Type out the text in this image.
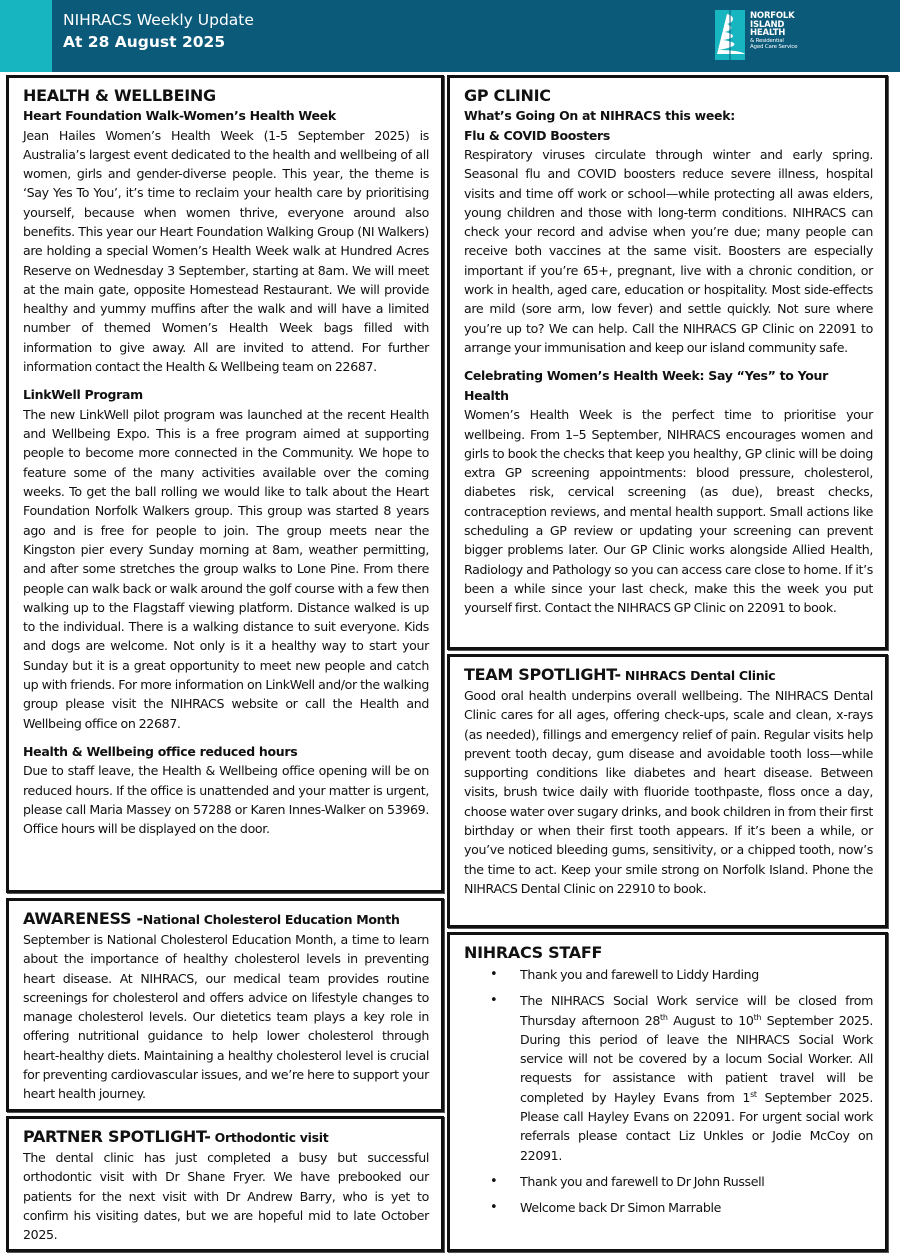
NIHRACS Weekly Update
At 28 August 2025
NORFOLK
ISLAND
HEALTH
& Residential
Aged Care Service
HEALTH & WELLBEING
Heart Foundation Walk-Women’s Health Week

Jean Hailes Women’s Health Week (1-5 September 2025) is Australia’s largest event dedicated to the health and wellbeing of all women, girls and gender-diverse people. This year, the theme is ‘Say Yes To You’, it’s time to reclaim your health care by prioritising yourself, because when women thrive, everyone around also benefits. This year our Heart Foundation Walking Group (NI Walkers) are holding a special Women’s Health Week walk at Hundred Acres Reserve on Wednesday 3 September, starting at 8am. We will meet at the main gate, opposite Homestead Restaurant. We will provide healthy and yummy muffins after the walk and will have a limited number of themed Women’s Health Week bags filled with information to give away. All are invited to attend. For further information contact the Health & Wellbeing team on 22687.

LinkWell Program

The new LinkWell pilot program was launched at the recent Health and Wellbeing Expo. This is a free program aimed at supporting people to become more connected in the Community. We hope to feature some of the many activities available over the coming weeks. To get the ball rolling we would like to talk about the Heart Foundation Norfolk Walkers group. This group was started 8 years ago and is free for people to join. The group meets near the Kingston pier every Sunday morning at 8am, weather permitting, and after some stretches the group walks to Lone Pine. From there people can walk back or walk around the golf course with a few then walking up to the Flagstaff viewing platform. Distance walked is up to the individual. There is a walking distance to suit everyone. Kids and dogs are welcome. Not only is it a healthy way to start your Sunday but it is a great opportunity to meet new people and catch up with friends. For more information on LinkWell and/or the walking group please visit the NIHRACS website or call the Health and Wellbeing office on 22687.

Health & Wellbeing office reduced hours

Due to staff leave, the Health & Wellbeing office opening will be on reduced hours. If the office is unattended and your matter is urgent, please call Maria Massey on 57288 or Karen Innes-Walker on 53969. Office hours will be displayed on the door.

AWARENESS -National Cholesterol Education Month

September is National Cholesterol Education Month, a time to learn about the importance of healthy cholesterol levels in preventing heart disease. At NIHRACS, our medical team provides routine screenings for cholesterol and offers advice on lifestyle changes to manage cholesterol levels. Our dietetics team plays a key role in offering nutritional guidance to help lower cholesterol through heart-healthy diets. Maintaining a healthy cholesterol level is crucial for preventing cardiovascular issues, and we’re here to support your heart health journey.

PARTNER SPOTLIGHT- Orthodontic visit

The dental clinic has just completed a busy but successful orthodontic visit with Dr Shane Fryer. We have prebooked our patients for the next visit with Dr Andrew Barry, who is yet to confirm his visiting dates, but we are hopeful mid to late October 2025.

GP CLINIC
What’s Going On at NIHRACS this week:
Flu & COVID Boosters

Respiratory viruses circulate through winter and early spring. Seasonal flu and COVID boosters reduce severe illness, hospital visits and time off work or school—while protecting all awas elders, young children and those with long-term conditions. NIHRACS can check your record and advise when you’re due; many people can receive both vaccines at the same visit. Boosters are especially important if you’re 65+, pregnant, live with a chronic condition, or work in health, aged care, education or hospitality. Most side-effects are mild (sore arm, low fever) and settle quickly. Not sure where you’re up to? We can help. Call the NIHRACS GP Clinic on 22091 to arrange your immunisation and keep our island community safe.

Celebrating Women’s Health Week: Say “Yes” to Your Health

Women’s Health Week is the perfect time to prioritise your wellbeing. From 1–5 September, NIHRACS encourages women and girls to book the checks that keep you healthy, GP clinic will be doing extra GP screening appointments: blood pressure, cholesterol, diabetes risk, cervical screening (as due), breast checks, contraception reviews, and mental health support. Small actions like scheduling a GP review or updating your screening can prevent bigger problems later. Our GP Clinic works alongside Allied Health, Radiology and Pathology so you can access care close to home. If it’s been a while since your last check, make this the week you put yourself first. Contact the NIHRACS GP Clinic on 22091 to book.

TEAM SPOTLIGHT- NIHRACS Dental Clinic

Good oral health underpins overall wellbeing. The NIHRACS Dental Clinic cares for all ages, offering check-ups, scale and clean, x-rays (as needed), fillings and emergency relief of pain. Regular visits help prevent tooth decay, gum disease and avoidable tooth loss—while supporting conditions like diabetes and heart disease. Between visits, brush twice daily with fluoride toothpaste, floss once a day, choose water over sugary drinks, and book children in from their first birthday or when their first tooth appears. If it’s been a while, or you’ve noticed bleeding gums, sensitivity, or a chipped tooth, now’s the time to act. Keep your smile strong on Norfolk Island. Phone the NIHRACS Dental Clinic on 22910 to book.

NIHRACS STAFF
• Thank you and farewell to Liddy Harding
• The NIHRACS Social Work service will be closed from Thursday afternoon 28th August to 10th September 2025. During this period of leave the NIHRACS Social Work service will not be covered by a locum Social Worker. All requests for assistance with patient travel will be completed by Hayley Evans from 1st September 2025. Please call Hayley Evans on 22091. For urgent social work referrals please contact Liz Unkles or Jodie McCoy on 22091.
• Thank you and farewell to Dr John Russell
• Welcome back Dr Simon Marrable
